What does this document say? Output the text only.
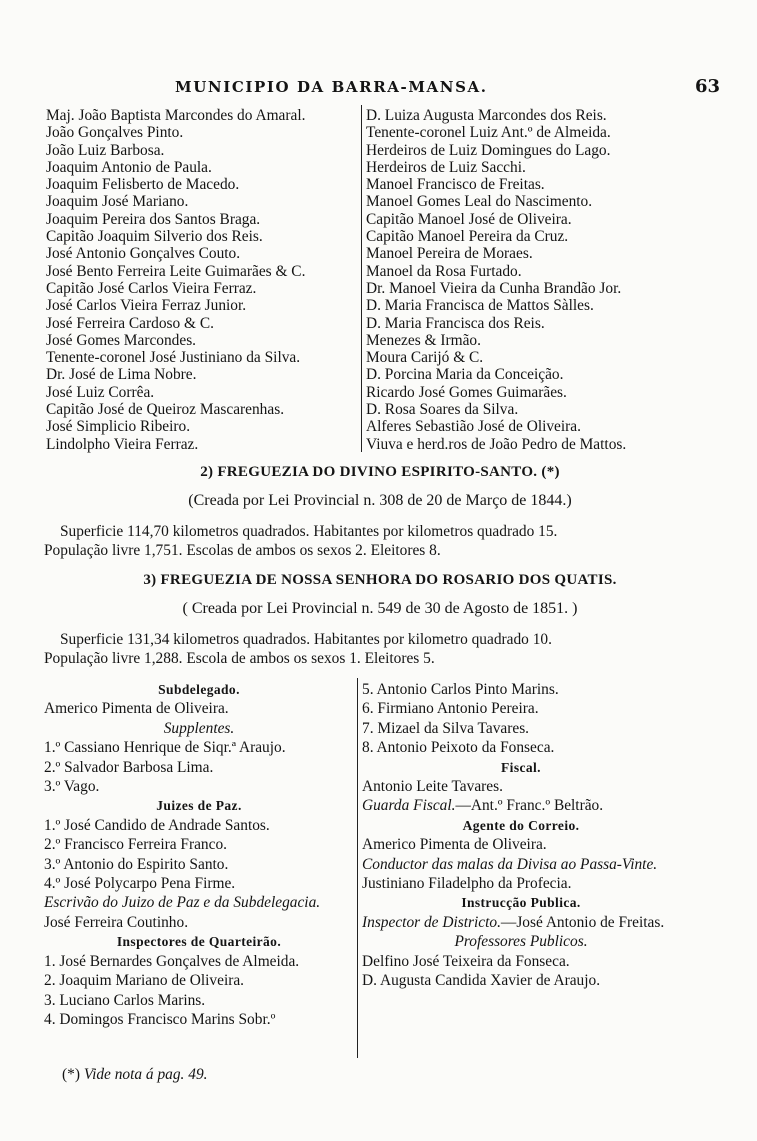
MUNICIPIO DA BARRA-MANSA.	63
Maj. João Baptista Marcondes do Amaral.
João Gonçalves Pinto.
João Luiz Barbosa.
Joaquim Antonio de Paula.
Joaquim Felisberto de Macedo.
Joaquim José Mariano.
Joaquim Pereira dos Santos Braga.
Capitão Joaquim Silverio dos Reis.
José Antonio Gonçalves Couto.
José Bento Ferreira Leite Guimarães & C.
Capitão José Carlos Vieira Ferraz.
José Carlos Vieira Ferraz Junior.
José Ferreira Cardoso & C.
José Gomes Marcondes.
Tenente-coronel José Justiniano da Silva.
Dr. José de Lima Nobre.
José Luiz Corrêa.
Capitão José de Queiroz Mascarenhas.
José Simplicio Ribeiro.
Lindolpho Vieira Ferraz.
D. Luiza Augusta Marcondes dos Reis.
Tenente-coronel Luiz Ant.º de Almeida.
Herdeiros de Luiz Domingues do Lago.
Herdeiros de Luiz Sacchi.
Manoel Francisco de Freitas.
Manoel Gomes Leal do Nascimento.
Capitão Manoel José de Oliveira.
Capitão Manoel Pereira da Cruz.
Manoel Pereira de Moraes.
Manoel da Rosa Furtado.
Dr. Manoel Vieira da Cunha Brandão Jor.
D. Maria Francisca de Mattos Sàlles.
D. Maria Francisca dos Reis.
Menezes & Irmão.
Moura Carijó & C.
D. Porcina Maria da Conceição.
Ricardo José Gomes Guimarães.
D. Rosa Soares da Silva.
Alferes Sebastião José de Oliveira.
Viuva e herd.ros de João Pedro de Mattos.
2) FREGUEZIA DO DIVINO ESPIRITO-SANTO. (*)
(Creada por Lei Provincial n. 308 de 20 de Março de 1844.)
Superficie 114,70 kilometros quadrados. Habitantes por kilometros quadrado 15.
População livre 1,751. Escolas de ambos os sexos 2. Eleitores 8.
3) FREGUEZIA DE NOSSA SENHORA DO ROSARIO DOS QUATIS.
( Creada por Lei Provincial n. 549 de 30 de Agosto de 1851. )
Superficie 131,34 kilometros quadrados. Habitantes por kilometro quadrado 10.
População livre 1,288. Escola de ambos os sexos 1. Eleitores 5.
Subdelegado.
Americo Pimenta de Oliveira.
Supplentes.
1.º Cassiano Henrique de Siqr.ª Araujo.
2.º Salvador Barbosa Lima.
3.º Vago.
Juizes de Paz.
1.º José Candido de Andrade Santos.
2.º Francisco Ferreira Franco.
3.º Antonio do Espirito Santo.
4.º José Polycarpo Pena Firme.
Escrivão do Juizo de Paz e da Subdelegacia.
José Ferreira Coutinho.
Inspectores de Quarteirão.
1. José Bernardes Gonçalves de Almeida.
2. Joaquim Mariano de Oliveira.
3. Luciano Carlos Marins.
4. Domingos Francisco Marins Sobr.º
5. Antonio Carlos Pinto Marins.
6. Firmiano Antonio Pereira.
7. Mizael da Silva Tavares.
8. Antonio Peixoto da Fonseca.
Fiscal.
Antonio Leite Tavares.
Guarda Fiscal.—Ant.º Franc.º Beltrão.
Agente do Correio.
Americo Pimenta de Oliveira.
Conductor das malas da Divisa ao Passa-Vinte.
Justiniano Filadelpho da Profecia.
Instrucção Publica.
Inspector de Districto.—José Antonio de Freitas.
Professores Publicos.
Delfino José Teixeira da Fonseca.
D. Augusta Candida Xavier de Araujo.
(*) Vide nota á pag. 49.
